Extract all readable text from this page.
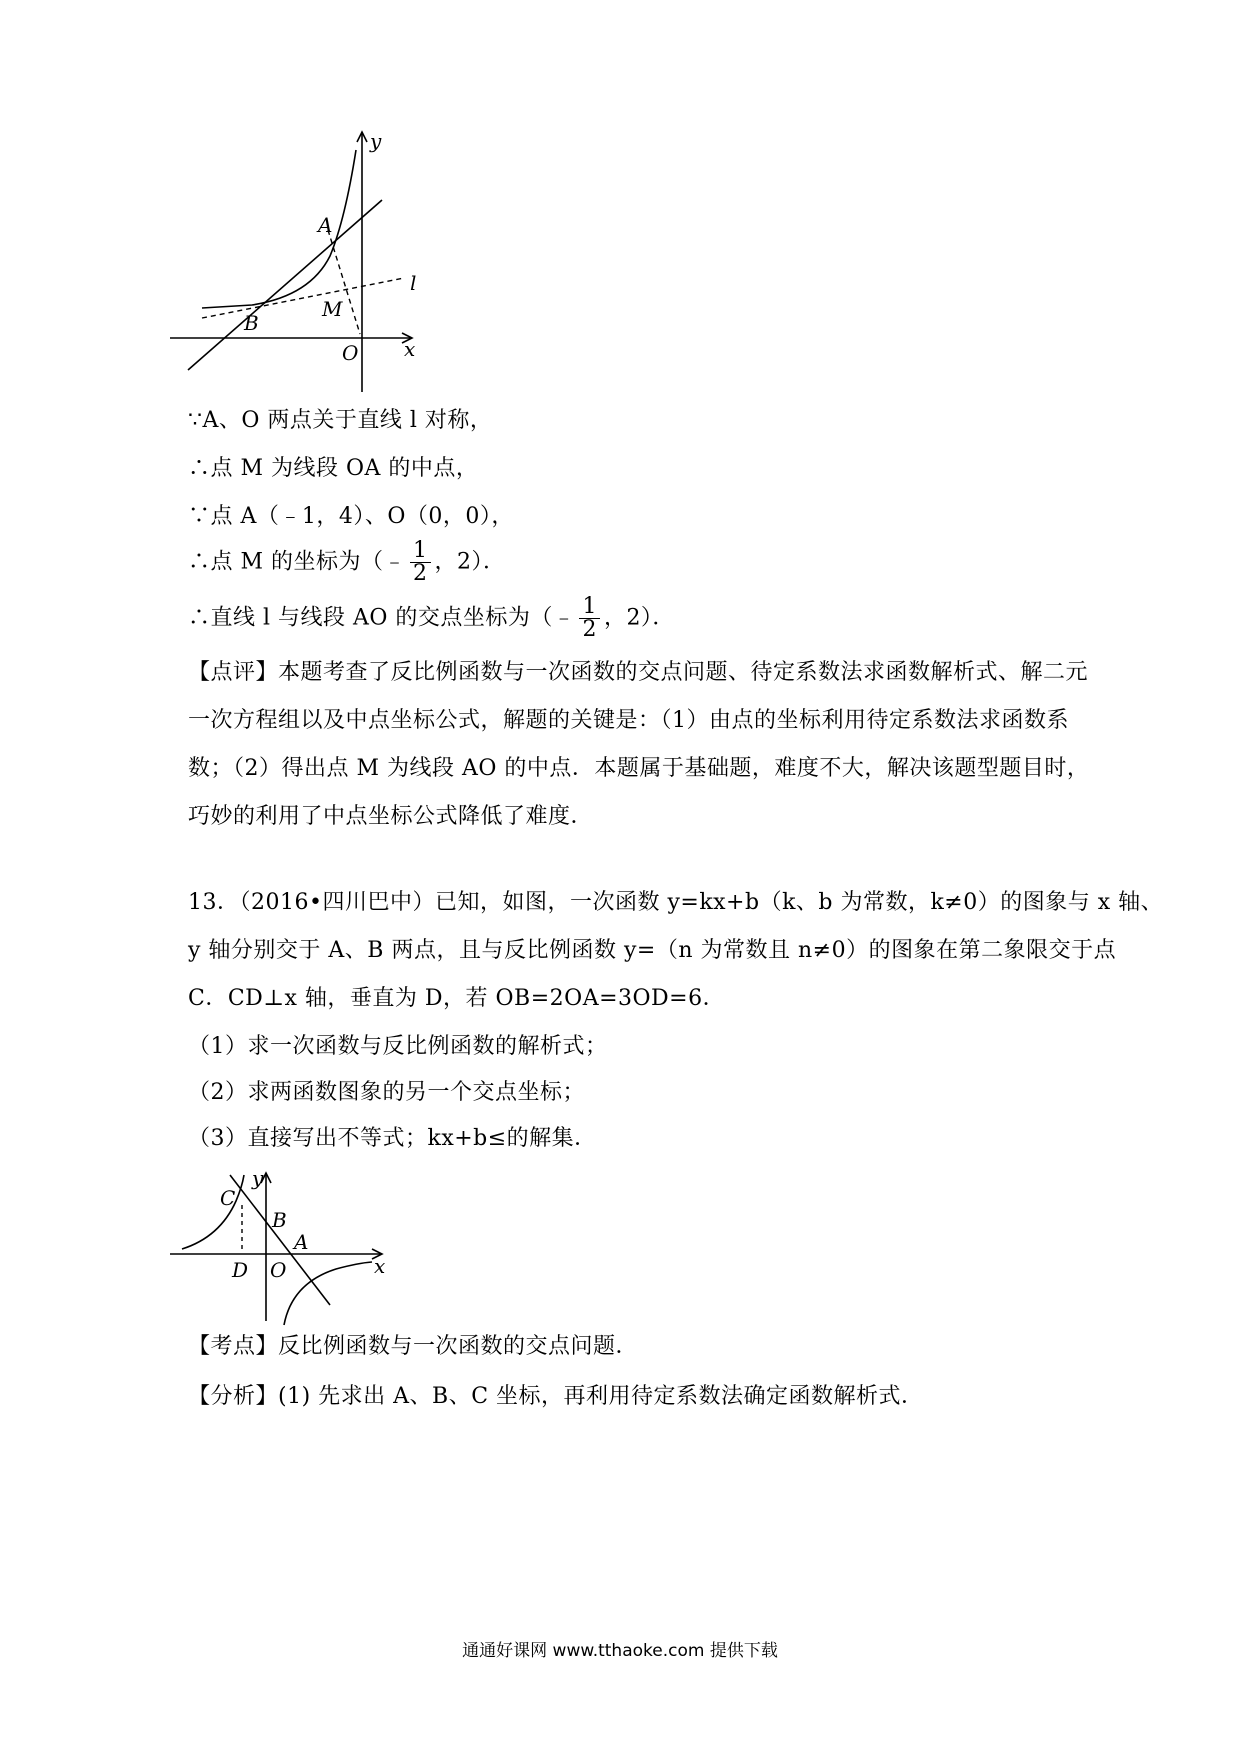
y
x
A
B
M
O
l
∵A、O 两点关于直线 l 对称，
∴点 M 为线段 OA 的中点，
∵点 A（﹣1，4）、O（0，0），
∴点 M 的坐标为（﹣ $\frac{1}{2}$ ，2）．
∴直线 l 与线段 AO 的交点坐标为（﹣ $\frac{1}{2}$ ，2）．
【点评】本题考查了反比例函数与一次函数的交点问题、待定系数法求函数解析式、解二元
一次方程组以及中点坐标公式，解题的关键是：（1）由点的坐标利用待定系数法求函数系
数；（2）得出点 M 为线段 AO 的中点．本题属于基础题，难度不大，解决该题型题目时，
巧妙的利用了中点坐标公式降低了难度．
13．（2016•四川巴中）已知，如图，一次函数 y=kx+b（k、b 为常数，k≠0）的图象与 x 轴、
y 轴分别交于 A、B 两点，且与反比例函数 y=（n 为常数且 n≠0）的图象在第二象限交于点
C．CD⊥x 轴，垂直为 D，若 OB=2OA=3OD=6．
（1）求一次函数与反比例函数的解析式；
（2）求两函数图象的另一个交点坐标；
（3）直接写出不等式；kx+b≤的解集．
y
x
C
B
A
D O
【考点】反比例函数与一次函数的交点问题．
【分析】(1) 先求出 A、B、C 坐标，再利用待定系数法确定函数解析式．
通通好课网 www.tthaoke.com 提供下载
